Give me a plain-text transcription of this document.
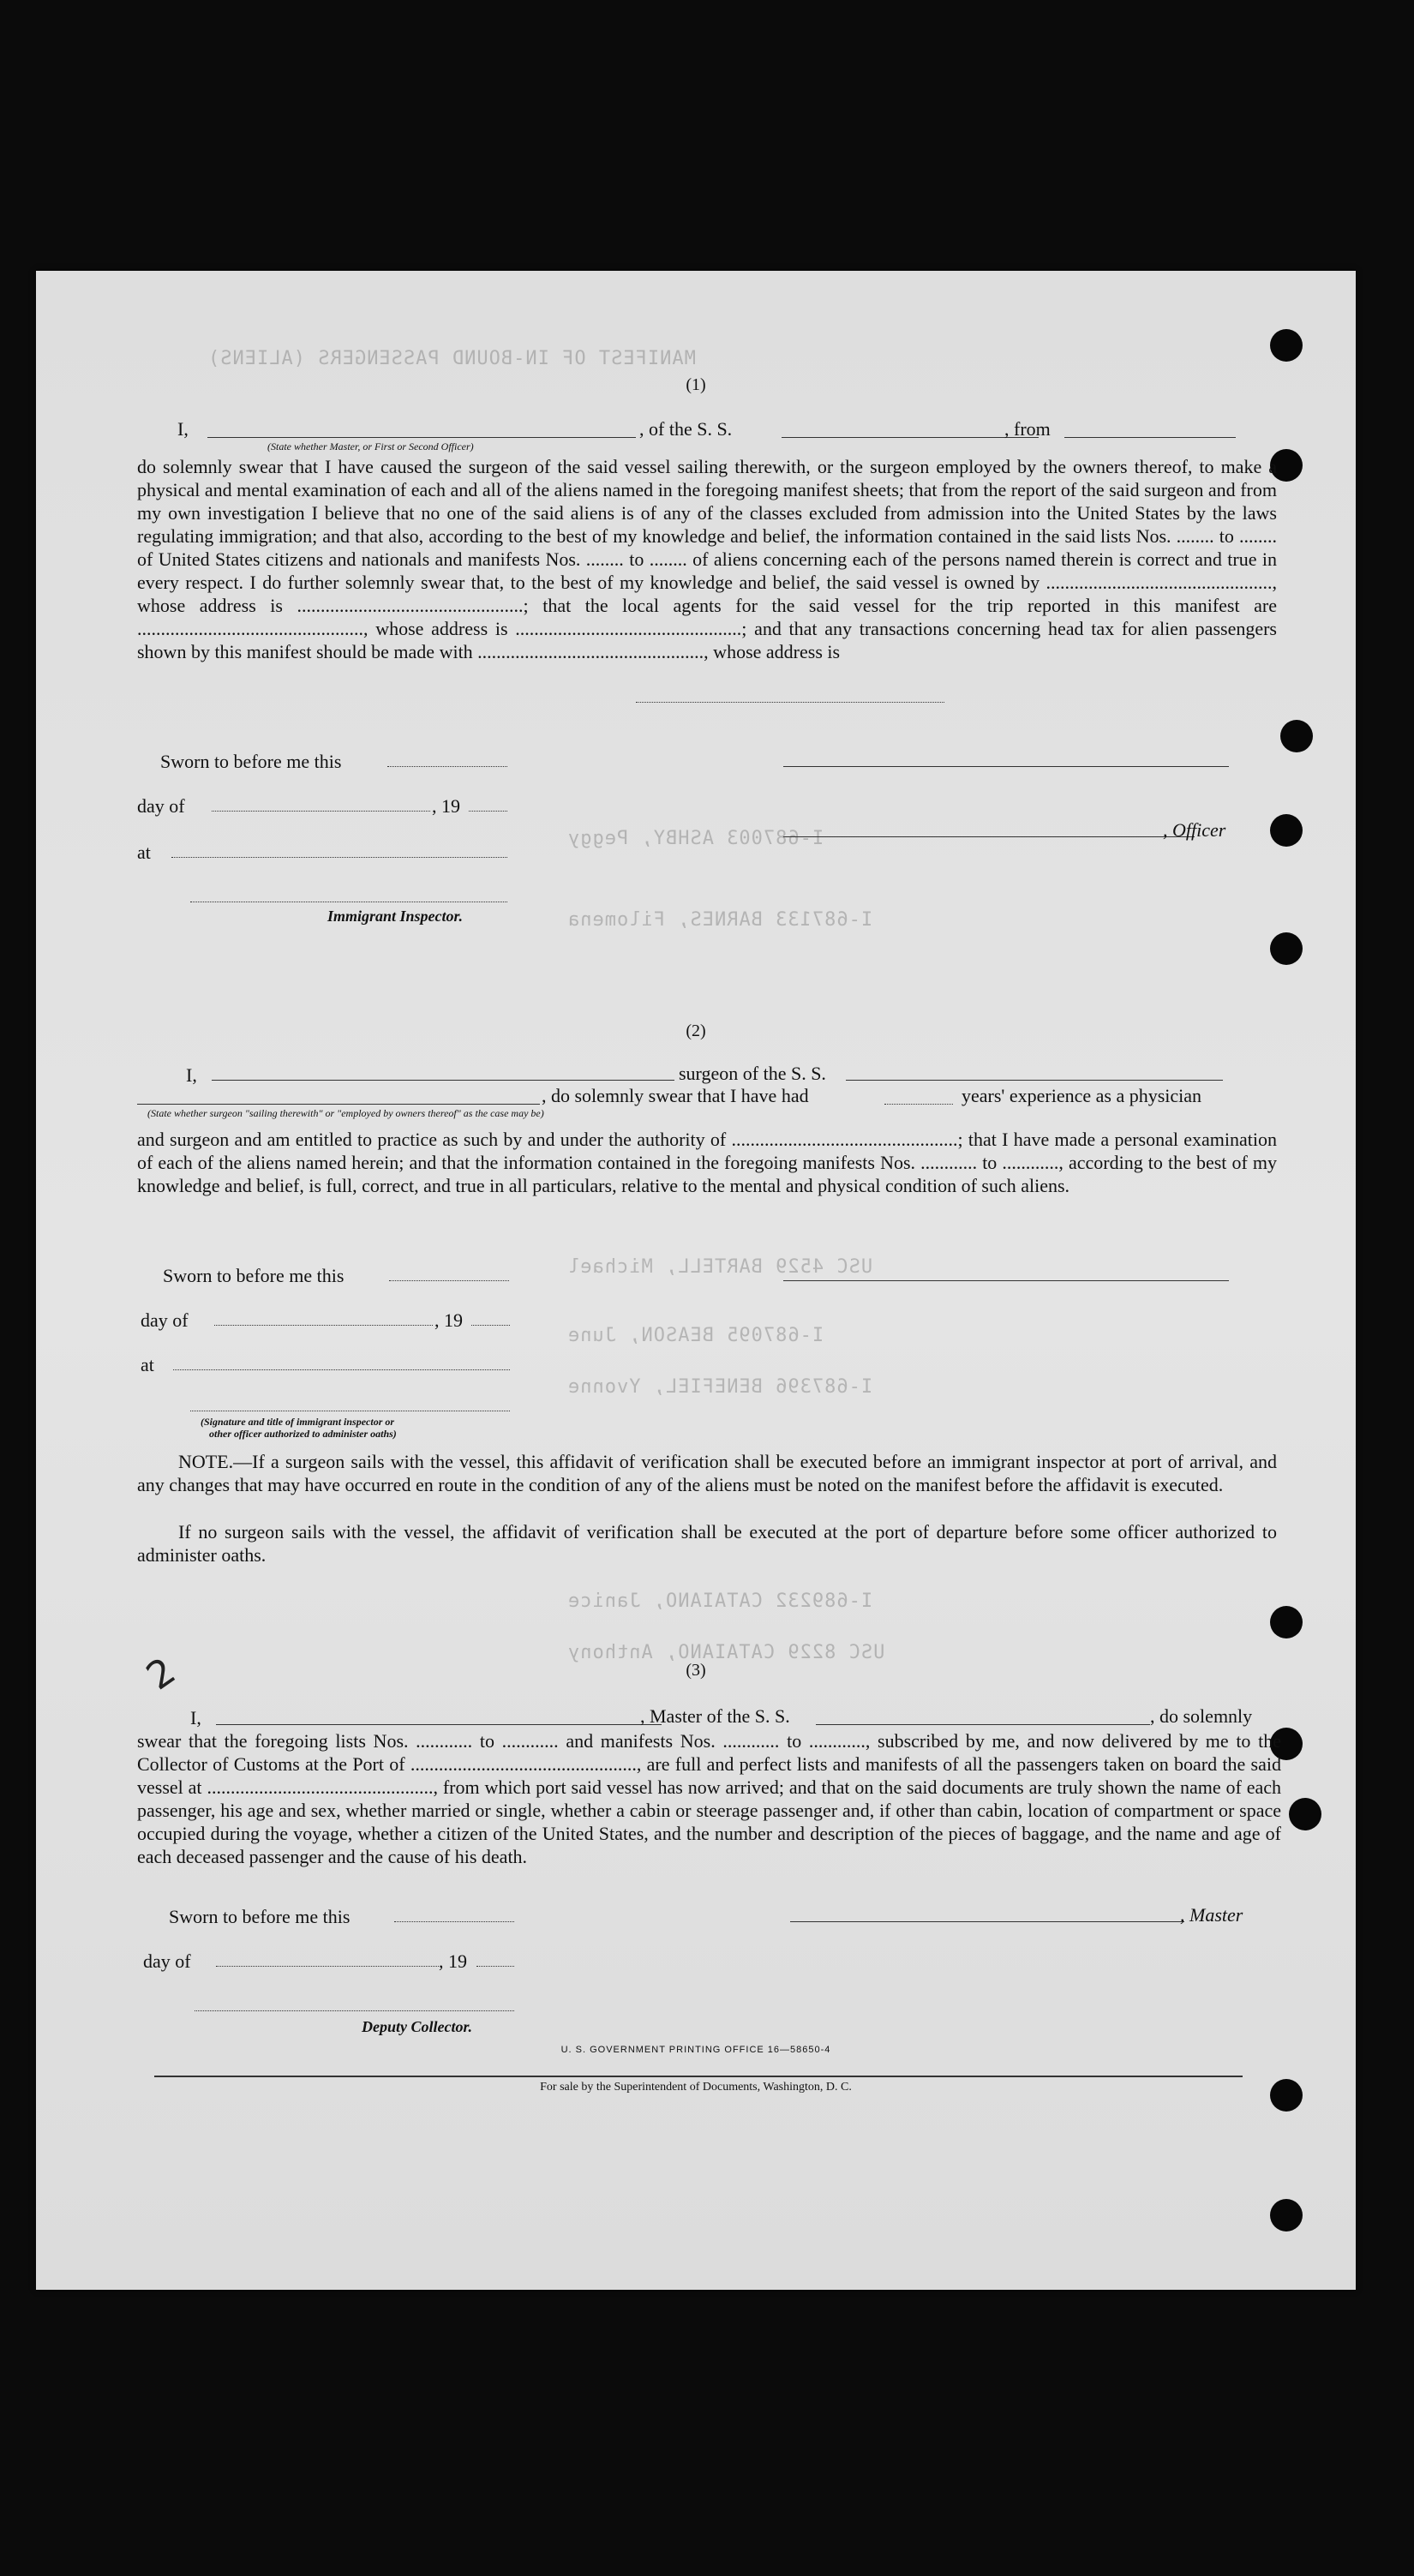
MANIFEST OF IN-BOUND PASSENGERS (ALIENS)
I-687003 ASHBY, Peggy
I-687133 BARNES, Filomena
USC 4529 BARTELL, Michael
I-687095 BEASON, June
I-687396 BENEFIEL, Yvonne
I-689232 CATAIANO, Janice
USC 8229 CATAIANO, Anthony
(1)
I,
(State whether Master, or First or Second Officer)
, of the S. S.	, from
do solemnly swear that I have caused the surgeon of the said vessel sailing therewith, or the surgeon employed by the owners thereof, to make a physical and mental examination of each and all of the aliens named in the foregoing manifest sheets; that from the report of the said surgeon and from my own investigation I believe that no one of the said aliens is of any of the classes excluded from admission into the United States by the laws regulating immigration; and that also, according to the best of my knowledge and belief, the information contained in the said lists Nos. ........ to ........ of United States citizens and nationals and manifests Nos. ........ to ........ of aliens concerning each of the persons named therein is correct and true in every respect. I do further solemnly swear that, to the best of my knowledge and belief, the said vessel is owned by ................................................, whose address is ................................................; that the local agents for the said vessel for the trip reported in this manifest are ................................................, whose address is ................................................; and that any transactions concerning head tax for alien passengers shown by this manifest should be made with ................................................, whose address is
Sworn to before me this
day of	, 19
, Officer
at
Immigrant Inspector.
(2)
I,	surgeon of the S. S.
, do solemnly swear that I have had	years' experience as a physician
(State whether surgeon "sailing therewith" or "employed by owners thereof" as the case may be)
and surgeon and am entitled to practice as such by and under the authority of ................................................; that I have made a personal examination of each of the aliens named herein; and that the information contained in the foregoing manifests Nos. ............ to ............, according to the best of my knowledge and belief, is full, correct, and true in all particulars, relative to the mental and physical condition of such aliens.
Sworn to before me this
day of	, 19
at
(Signature and title of immigrant inspector or
other officer authorized to administer oaths)
NOTE.—If a surgeon sails with the vessel, this affidavit of verification shall be executed before an immigrant inspector at port of arrival, and any changes that may have occurred en route in the condition of any of the aliens must be noted on the manifest before the affidavit is executed.
If no surgeon sails with the vessel, the affidavit of verification shall be executed at the port of departure before some officer authorized to administer oaths.
2	(3)
I,	, Master of the S. S.	, do solemnly
swear that the foregoing lists Nos. ............ to ............ and manifests Nos. ............ to ............, subscribed by me, and now delivered by me to the Collector of Customs at the Port of ................................................, are full and perfect lists and manifests of all the passengers taken on board the said vessel at ................................................, from which port said vessel has now arrived; and that on the said documents are truly shown the name of each passenger, his age and sex, whether married or single, whether a cabin or steerage passenger and, if other than cabin, location of compartment or space occupied during the voyage, whether a citizen of the United States, and the number and description of the pieces of baggage, and the name and age of each deceased passenger and the cause of his death.
Sworn to before me this	, Master
day of	, 19
Deputy Collector.
U. S. GOVERNMENT PRINTING OFFICE 16—58650-4
For sale by the Superintendent of Documents, Washington, D. C.
